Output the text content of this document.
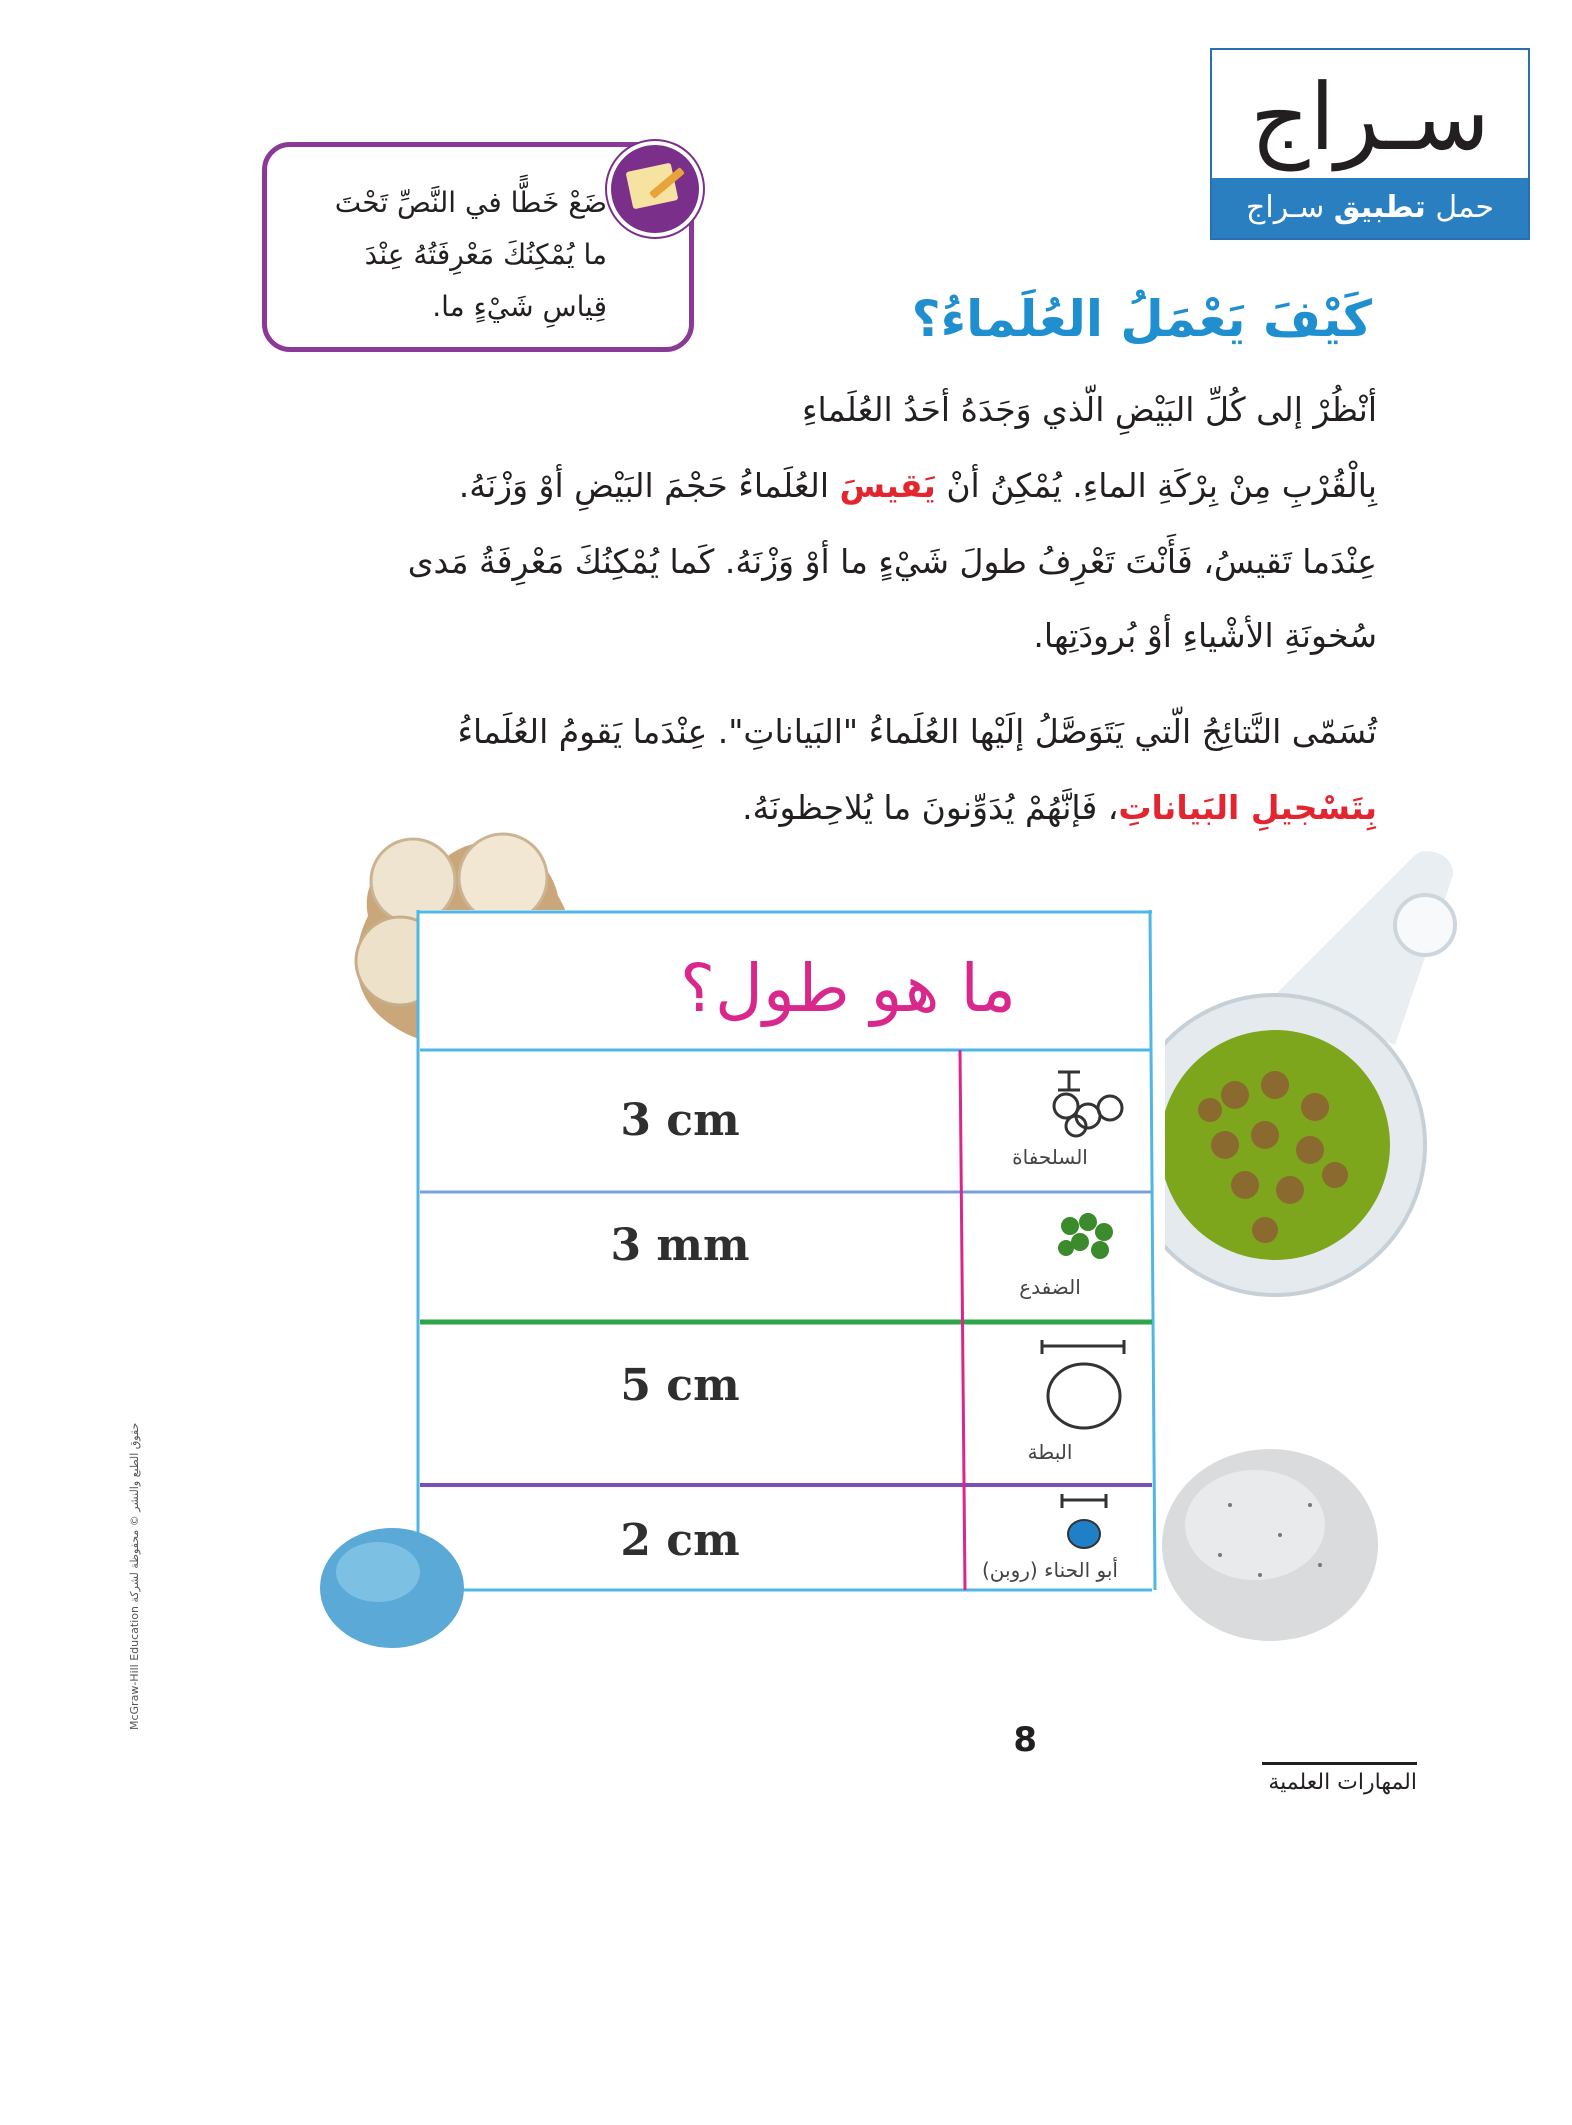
سـراج
حمل تطبيق سـراج
ضَعْ خَطًّا في النَّصِّ تَحْتَ
ما يُمْكِنُكَ مَعْرِفَتُهُ عِنْدَ
قِياسِ شَيْءٍ ما.	كَيْفَ يَعْمَلُ العُلَماءُ؟
أنْظُرْ إلى كُلِّ البَيْضِ الّذي وَجَدَهُ أحَدُ العُلَماءِ
بِالْقُرْبِ مِنْ بِرْكَةِ الماءِ. يُمْكِنُ أنْ يَقيسَ العُلَماءُ حَجْمَ البَيْضِ أوْ وَزْنَهُ.
عِنْدَما تَقيسُ، فَأَنْتَ تَعْرِفُ طولَ شَيْءٍ ما أوْ وَزْنَهُ. كَما يُمْكِنُكَ مَعْرِفَةُ مَدى
سُخونَةِ الأشْياءِ أوْ بُرودَتِها.
تُسَمّى النَّتائِجُ الّتي يَتَوَصَّلُ إلَيْها العُلَماءُ "البَياناتِ". عِنْدَما يَقومُ العُلَماءُ
بِتَسْجيلِ البَياناتِ، فَإنَّهُمْ يُدَوِّنونَ ما يُلاحِظونَهُ.
ما هو طول؟
3 cm
السلحفاة
3 mm
الضفدع
5 cm
البطة
2 cm
أبو الحناء (روبن)
McGraw-Hill Education حقوق الطبع والنشر © محفوظة لشركة
8
المهارات العلمية
